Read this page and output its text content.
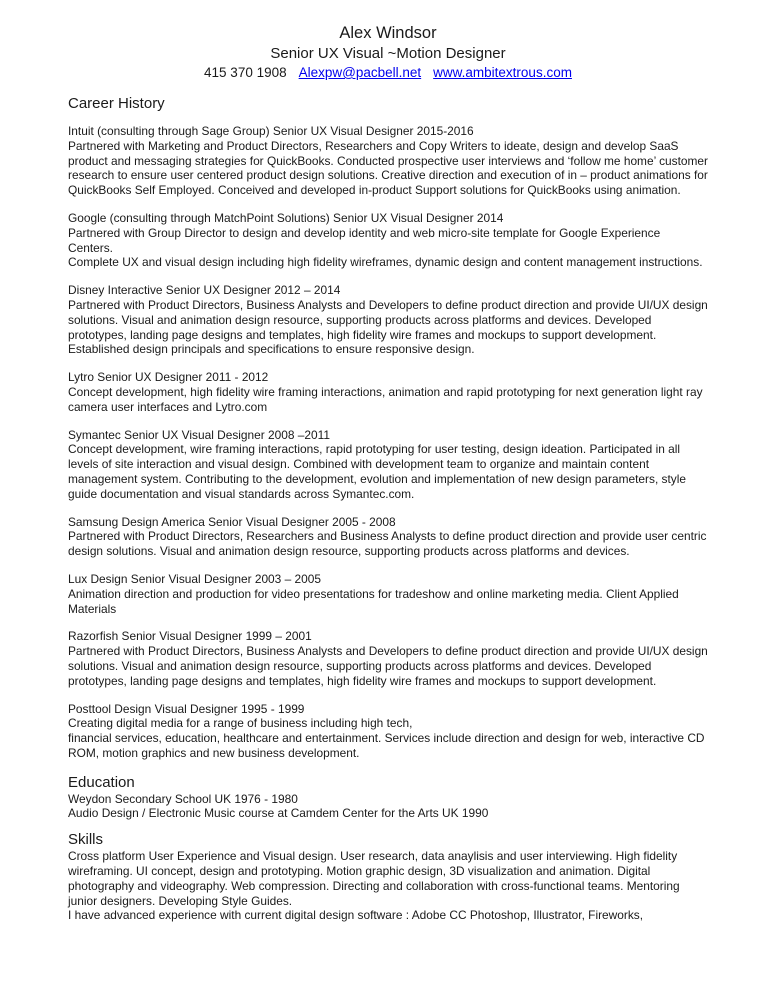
Alex Windsor
Senior UX Visual ~Motion Designer
415 370 1908 Alexpw@pacbell.net www.ambitextrous.com
Career History

Intuit (consulting through Sage Group) Senior UX Visual Designer 2015-2016

Partnered with Marketing and Product Directors, Researchers and Copy Writers to ideate, design and develop SaaS product and messaging strategies for QuickBooks. Conducted prospective user interviews and ‘follow me home’ customer research to ensure user centered product design solutions. Creative direction and execution of in – product animations for QuickBooks Self Employed. Conceived and developed in-product Support solutions for QuickBooks using animation.

Google (consulting through MatchPoint Solutions) Senior UX Visual Designer 2014

Partnered with Group Director to design and develop identity and web micro-site template for Google Experience Centers.

Complete UX and visual design including high fidelity wireframes, dynamic design and content management instructions.

Disney Interactive Senior UX Designer 2012 – 2014

Partnered with Product Directors, Business Analysts and Developers to define product direction and provide UI/UX design solutions. Visual and animation design resource, supporting products across platforms and devices. Developed prototypes, landing page designs and templates, high fidelity wire frames and mockups to support development. Established design principals and specifications to ensure responsive design.

Lytro Senior UX Designer 2011 - 2012

Concept development, high fidelity wire framing interactions, animation and rapid prototyping for next generation light ray camera user interfaces and Lytro.com

Symantec Senior UX Visual Designer 2008 –2011

Concept development, wire framing interactions, rapid prototyping for user testing, design ideation. Participated in all levels of site interaction and visual design. Combined with development team to organize and maintain content management system. Contributing to the development, evolution and implementation of new design parameters, style guide documentation and visual standards across Symantec.com.

Samsung Design America Senior Visual Designer 2005 - 2008

Partnered with Product Directors, Researchers and Business Analysts to define product direction and provide user centric design solutions. Visual and animation design resource, supporting products across platforms and devices.

Lux Design Senior Visual Designer 2003 – 2005

Animation direction and production for video presentations for tradeshow and online marketing media. Client Applied Materials

Razorfish Senior Visual Designer 1999 – 2001

Partnered with Product Directors, Business Analysts and Developers to define product direction and provide UI/UX design solutions. Visual and animation design resource, supporting products across platforms and devices. Developed prototypes, landing page designs and templates, high fidelity wire frames and mockups to support development.

Posttool Design Visual Designer 1995 - 1999

Creating digital media for a range of business including high tech,

financial services, education, healthcare and entertainment. Services include direction and design for web, interactive CD ROM, motion graphics and new business development.

Education

Weydon Secondary School UK 1976 - 1980

Audio Design / Electronic Music course at Camdem Center for the Arts UK 1990

Skills

Cross platform User Experience and Visual design. User research, data anaylisis and user interviewing. High fidelity wireframing. UI concept, design and prototyping. Motion graphic design, 3D visualization and animation. Digital photography and videography. Web compression. Directing and collaboration with cross-functional teams. Mentoring junior designers. Developing Style Guides.

I have advanced experience with current digital design software : Adobe CC Photoshop, Illustrator, Fireworks,
